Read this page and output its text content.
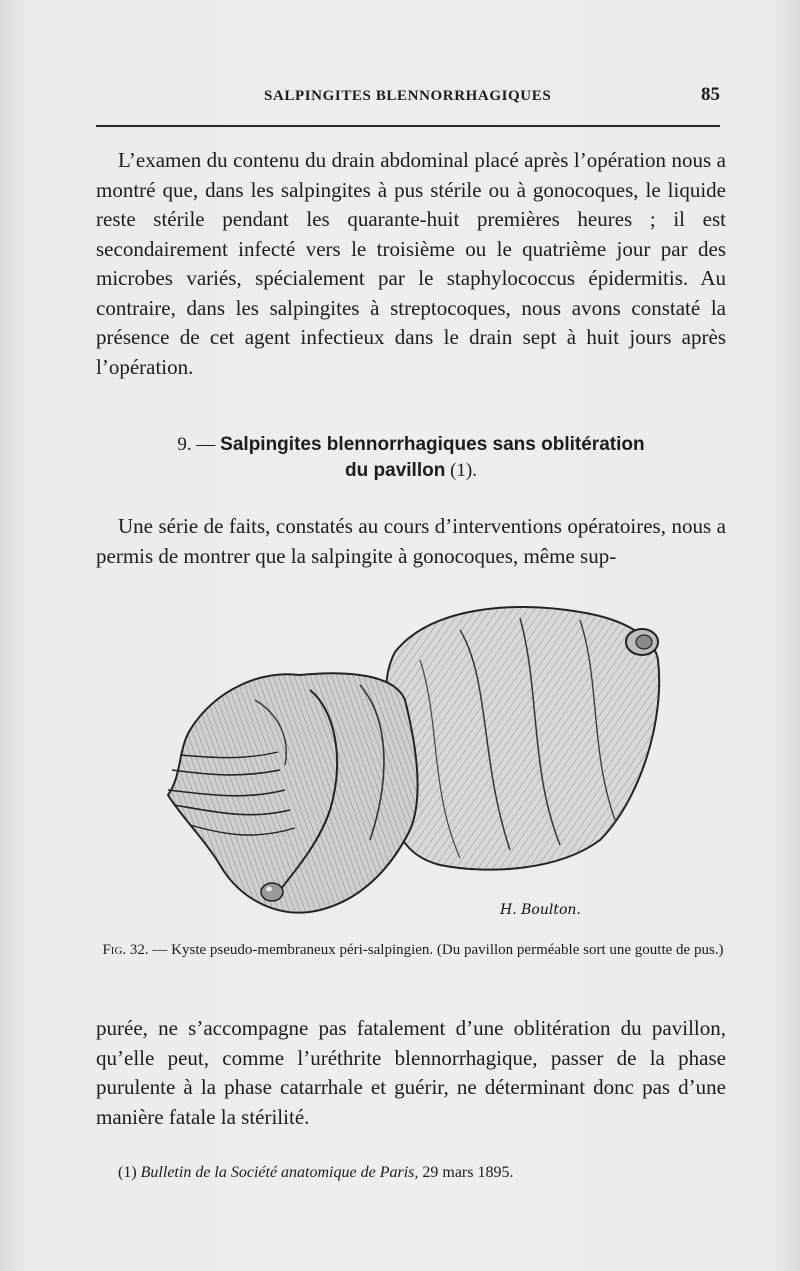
SALPINGITES BLENNORRHAGIQUES	85

L’examen du contenu du drain abdominal placé après l’opération nous a montré que, dans les salpingites à pus stérile ou à gonocoques, le liquide reste stérile pendant les quarante-huit premières heures ; il est secondairement infecté vers le troisième ou le quatrième jour par des microbes variés, spécialement par le staphylococcus épidermitis. Au contraire, dans les salpingites à streptocoques, nous avons constaté la présence de cet agent infectieux dans le drain sept à huit jours après l’opération.

9. — Salpingites blennorrhagiques sans oblitération
du pavillon (1).

Une série de faits, constatés au cours d’interventions opératoires, nous a permis de montrer que la salpingite à gonocoques, même sup-

H. Boulton.
Fig. 32. — Kyste pseudo-membraneux péri-salpingien. (Du pavillon perméable sort une goutte de pus.)

purée, ne s’accompagne pas fatalement d’une oblitération du pavillon, qu’elle peut, comme l’uréthrite blennorrhagique, passer de la phase purulente à la phase catarrhale et guérir, ne déterminant donc pas d’une manière fatale la stérilité.

(1) Bulletin de la Société anatomique de Paris, 29 mars 1895.
